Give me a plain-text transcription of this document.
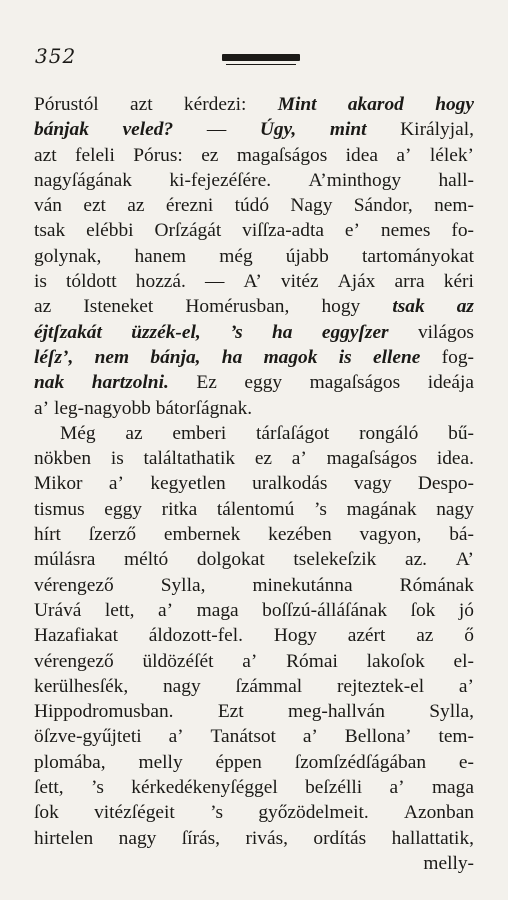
352
Pórustól azt kérdezi: Mint akarod hogy
bánjak veled? — Úgy, mint Királyjal,
azt feleli Pórus: ez magaſságos idea a’ lélek’
nagyſágának ki-fejezéſére. A’minthogy hall-
ván ezt az érezni túdó Nagy Sándor, nem-
tsak elébbi Orſzágát viſſza-adta e’ nemes fo-
golynak, hanem még újabb tartományokat
is tóldott hozzá. — A’ vitéz Ajáx arra kéri
az Isteneket Homérusban, hogy tsak az
éjtſzakát üzzék-el, ’s ha eggyſzer világos
léſz’, nem bánja, ha magok is ellene fog-
nak hartzolni. Ez eggy magaſságos ideája
a’
leg-nagyobb
bátorſágnak.
Még az emberi tárſaſágot rongáló bű-
nökben is találtathatik ez a’ magaſságos idea.
Mikor a’ kegyetlen uralkodás vagy Despo-
tismus eggy ritka tálentomú ’s magának nagy
hírt ſzerző embernek kezében vagyon, bá-
múlásra méltó dolgokat tselekeſzik az. A’
vérengező Sylla, minekutánna Rómának
Urává lett, a’ maga boſſzú-álláſának ſok jó
Hazafiakat áldozott-fel. Hogy azért az ő
vérengező üldözéſét a’ Római lakoſok el-
kerülhesſék, nagy ſzámmal rejteztek-el a’
Hippodromusban. Ezt meg-hallván Sylla,
öſzve-gyűjteti a’ Tanátsot a’ Bellona’ tem-
plomába, melly éppen ſzomſzédſágában e-
ſett, ’s kérkedékenyſéggel beſzélli a’ maga
ſok vitézſégeit ’s győzödelmeit. Azonban
hirtelen nagy ſírás, rivás, ordítás hallattatik,
melly-
